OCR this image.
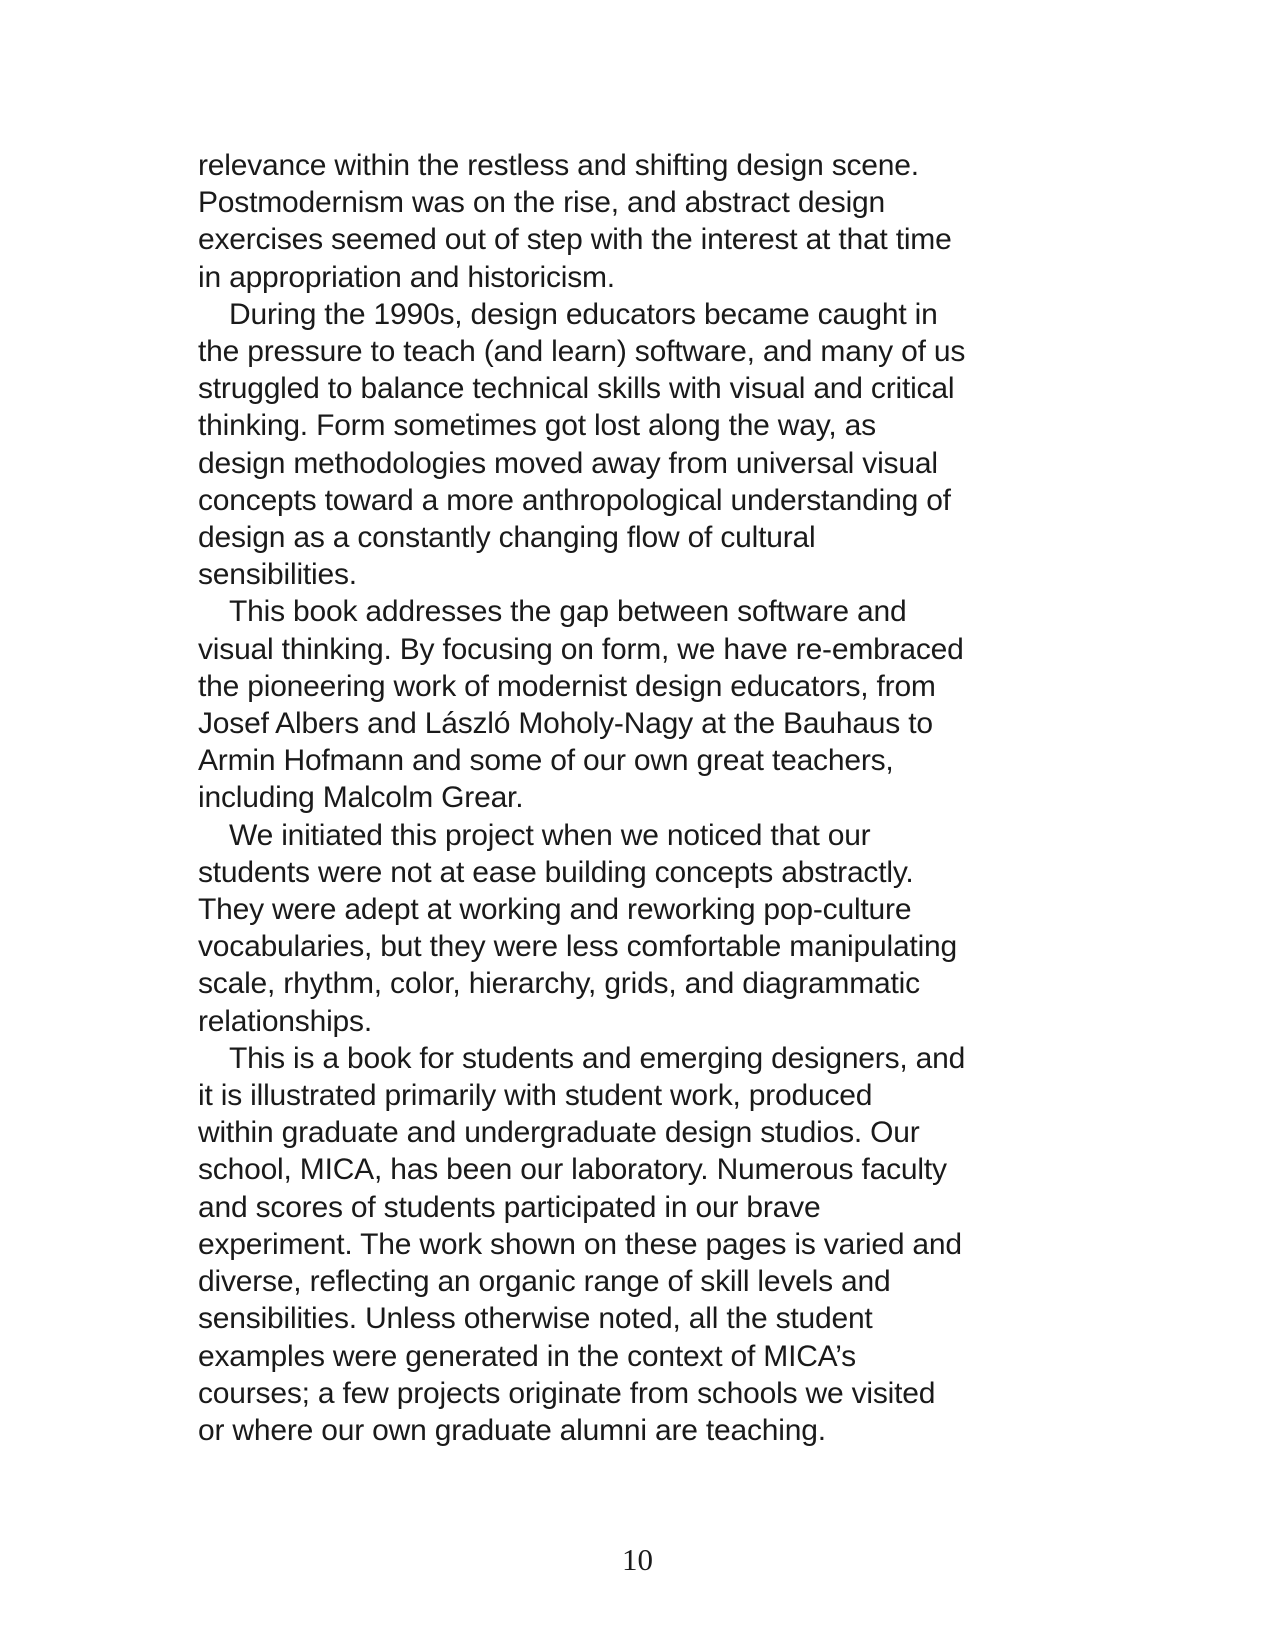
relevance within the restless and shifting design scene.
Postmodernism was on the rise, and abstract design
exercises seemed out of step with the interest at that time
in appropriation and historicism.

During the 1990s, design educators became caught in
the pressure to teach (and learn) software, and many of us
struggled to balance technical skills with visual and critical
thinking. Form sometimes got lost along the way, as
design methodologies moved away from universal visual
concepts toward a more anthropological understanding of
design as a constantly changing flow of cultural
sensibilities.

This book addresses the gap between software and
visual thinking. By focusing on form, we have re-embraced
the pioneering work of modernist design educators, from
Josef Albers and László Moholy-Nagy at the Bauhaus to
Armin Hofmann and some of our own great teachers,
including Malcolm Grear.

We initiated this project when we noticed that our
students were not at ease building concepts abstractly.
They were adept at working and reworking pop-culture
vocabularies, but they were less comfortable manipulating
scale, rhythm, color, hierarchy, grids, and diagrammatic
relationships.

This is a book for students and emerging designers, and
it is illustrated primarily with student work, produced
within graduate and undergraduate design studios. Our
school, MICA, has been our laboratory. Numerous faculty
and scores of students participated in our brave
experiment. The work shown on these pages is varied and
diverse, reflecting an organic range of skill levels and
sensibilities. Unless otherwise noted, all the student
examples were generated in the context of MICA’s
courses; a few projects originate from schools we visited
or where our own graduate alumni are teaching.

10
